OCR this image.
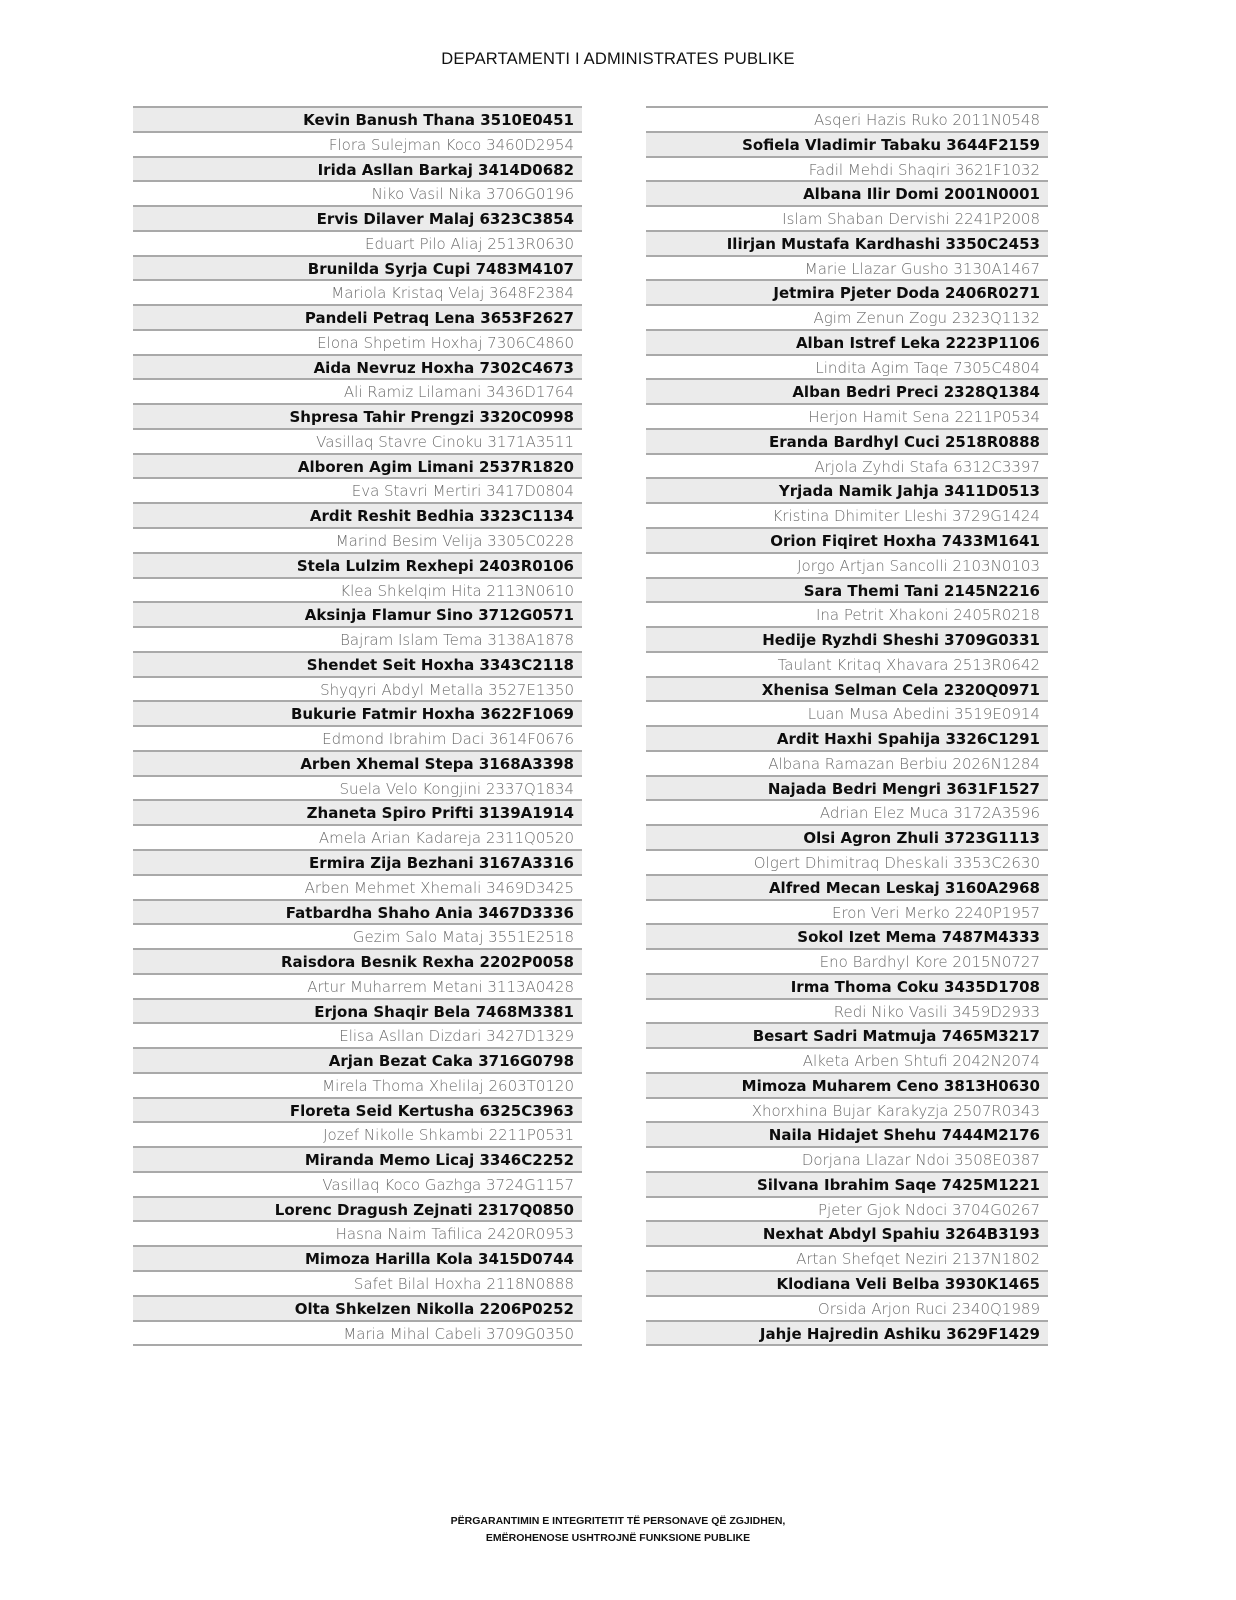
DEPARTAMENTI I ADMINISTRATES PUBLIKE
Kevin Banush Thana 3510E0451
Flora Sulejman Koco 3460D2954
Irida Asllan Barkaj 3414D0682
Niko Vasil Nika 3706G0196
Ervis Dilaver Malaj 6323C3854
Eduart Pilo Aliaj 2513R0630
Brunilda Syrja Cupi 7483M4107
Mariola Kristaq Velaj 3648F2384
Pandeli Petraq Lena 3653F2627
Elona Shpetim Hoxhaj 7306C4860
Aida Nevruz Hoxha 7302C4673
Ali Ramiz Lilamani 3436D1764
Shpresa Tahir Prengzi 3320C0998
Vasillaq Stavre Cinoku 3171A3511
Alboren Agim Limani 2537R1820
Eva Stavri Mertiri 3417D0804
Ardit Reshit Bedhia 3323C1134
Marind Besim Velija 3305C0228
Stela Lulzim Rexhepi 2403R0106
Klea Shkelqim Hita 2113N0610
Aksinja Flamur Sino 3712G0571
Bajram Islam Tema 3138A1878
Shendet Seit Hoxha 3343C2118
Shyqyri Abdyl Metalla 3527E1350
Bukurie Fatmir Hoxha 3622F1069
Edmond Ibrahim Daci 3614F0676
Arben Xhemal Stepa 3168A3398
Suela Velo Kongjini 2337Q1834
Zhaneta Spiro Prifti 3139A1914
Amela Arian Kadareja 2311Q0520
Ermira Zija Bezhani 3167A3316
Arben Mehmet Xhemali 3469D3425
Fatbardha Shaho Ania 3467D3336
Gezim Salo Mataj 3551E2518
Raisdora Besnik Rexha 2202P0058
Artur Muharrem Metani 3113A0428
Erjona Shaqir Bela 7468M3381
Elisa Asllan Dizdari 3427D1329
Arjan Bezat Caka 3716G0798
Mirela Thoma Xhelilaj 2603T0120
Floreta Seid Kertusha 6325C3963
Jozef Nikolle Shkambi 2211P0531
Miranda Memo Licaj 3346C2252
Vasillaq Koco Gazhga 3724G1157
Lorenc Dragush Zejnati 2317Q0850
Hasna Naim Tafilica 2420R0953
Mimoza Harilla Kola 3415D0744
Safet Bilal Hoxha 2118N0888
Olta Shkelzen Nikolla 2206P0252
Maria Mihal Cabeli 3709G0350
Asqeri Hazis Ruko 2011N0548
Sofiela Vladimir Tabaku 3644F2159
Fadil Mehdi Shaqiri 3621F1032
Albana Ilir Domi 2001N0001
Islam Shaban Dervishi 2241P2008
Ilirjan Mustafa Kardhashi 3350C2453
Marie Llazar Gusho 3130A1467
Jetmira Pjeter Doda 2406R0271
Agim Zenun Zogu 2323Q1132
Alban Istref Leka 2223P1106
Lindita Agim Taqe 7305C4804
Alban Bedri Preci 2328Q1384
Herjon Hamit Sena 2211P0534
Eranda Bardhyl Cuci 2518R0888
Arjola Zyhdi Stafa 6312C3397
Yrjada Namik Jahja 3411D0513
Kristina Dhimiter Lleshi 3729G1424
Orion Fiqiret Hoxha 7433M1641
Jorgo Artjan Sancolli 2103N0103
Sara Themi Tani 2145N2216
Ina Petrit Xhakoni 2405R0218
Hedije Ryzhdi Sheshi 3709G0331
Taulant Kritaq Xhavara 2513R0642
Xhenisa Selman Cela 2320Q0971
Luan Musa Abedini 3519E0914
Ardit Haxhi Spahija 3326C1291
Albana Ramazan Berbiu 2026N1284
Najada Bedri Mengri 3631F1527
Adrian Elez Muca 3172A3596
Olsi Agron Zhuli 3723G1113
Olgert Dhimitraq Dheskali 3353C2630
Alfred Mecan Leskaj 3160A2968
Eron Veri Merko 2240P1957
Sokol Izet Mema 7487M4333
Eno Bardhyl Kore 2015N0727
Irma Thoma Coku 3435D1708
Redi Niko Vasili 3459D2933
Besart Sadri Matmuja 7465M3217
Alketa Arben Shtufi 2042N2074
Mimoza Muharem Ceno 3813H0630
Xhorxhina Bujar Karakyzja 2507R0343
Naila Hidajet Shehu 7444M2176
Dorjana Llazar Ndoi 3508E0387
Silvana Ibrahim Saqe 7425M1221
Pjeter Gjok Ndoci 3704G0267
Nexhat Abdyl Spahiu 3264B3193
Artan Shefqet Neziri 2137N1802
Klodiana Veli Belba 3930K1465
Orsida Arjon Ruci 2340Q1989
Jahje Hajredin Ashiku 3629F1429
PËRGARANTIMIN E INTEGRITETIT TË PERSONAVE QË ZGJIDHEN,
EMËROHENOSE USHTROJNË FUNKSIONE PUBLIKE
